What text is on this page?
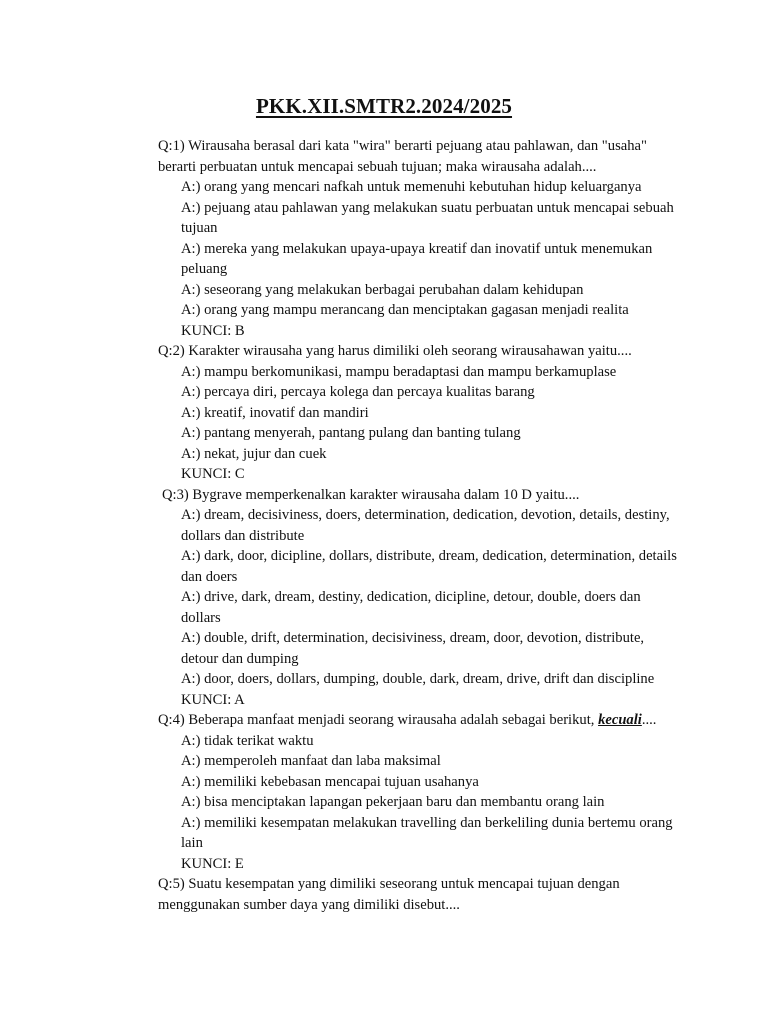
PKK.XII.SMTR2.2024/2025

Q:1) Wirausaha berasal dari kata "wira" berarti pejuang atau pahlawan, dan "usaha" berarti perbuatan untuk mencapai sebuah tujuan; maka wirausaha adalah....

A:) orang yang mencari nafkah untuk memenuhi kebutuhan hidup keluarganya

A:) pejuang atau pahlawan yang melakukan suatu perbuatan untuk mencapai sebuah tujuan

A:) mereka yang melakukan upaya-upaya kreatif dan inovatif untuk menemukan peluang

A:) seseorang yang melakukan berbagai perubahan dalam kehidupan

A:) orang yang mampu merancang dan menciptakan gagasan menjadi realita

KUNCI: B

Q:2) Karakter wirausaha yang harus dimiliki oleh seorang wirausahawan yaitu....

A:) mampu berkomunikasi, mampu beradaptasi dan mampu berkamuplase

A:) percaya diri, percaya kolega dan percaya kualitas barang

A:) kreatif, inovatif dan mandiri

A:) pantang menyerah, pantang pulang dan banting tulang

A:) nekat, jujur dan cuek

KUNCI: C

Q:3) Bygrave memperkenalkan karakter wirausaha dalam 10 D yaitu....

A:) dream, decisiviness, doers, determination, dedication, devotion, details, destiny, dollars dan distribute

A:) dark, door, dicipline, dollars, distribute, dream, dedication, determination, details dan doers

A:) drive, dark, dream, destiny, dedication, dicipline, detour, double, doers dan dollars

A:) double, drift, determination, decisiviness, dream, door, devotion, distribute, detour dan dumping

A:) door, doers, dollars, dumping, double, dark, dream, drive, drift dan discipline

KUNCI: A

Q:4) Beberapa manfaat menjadi seorang wirausaha adalah sebagai berikut, kecuali....

A:) tidak terikat waktu

A:) memperoleh manfaat dan laba maksimal

A:) memiliki kebebasan mencapai tujuan usahanya

A:) bisa menciptakan lapangan pekerjaan baru dan membantu orang lain

A:) memiliki kesempatan melakukan travelling dan berkeliling dunia bertemu orang lain

KUNCI: E

Q:5) Suatu kesempatan yang dimiliki seseorang untuk mencapai tujuan dengan menggunakan sumber daya yang dimiliki disebut....
